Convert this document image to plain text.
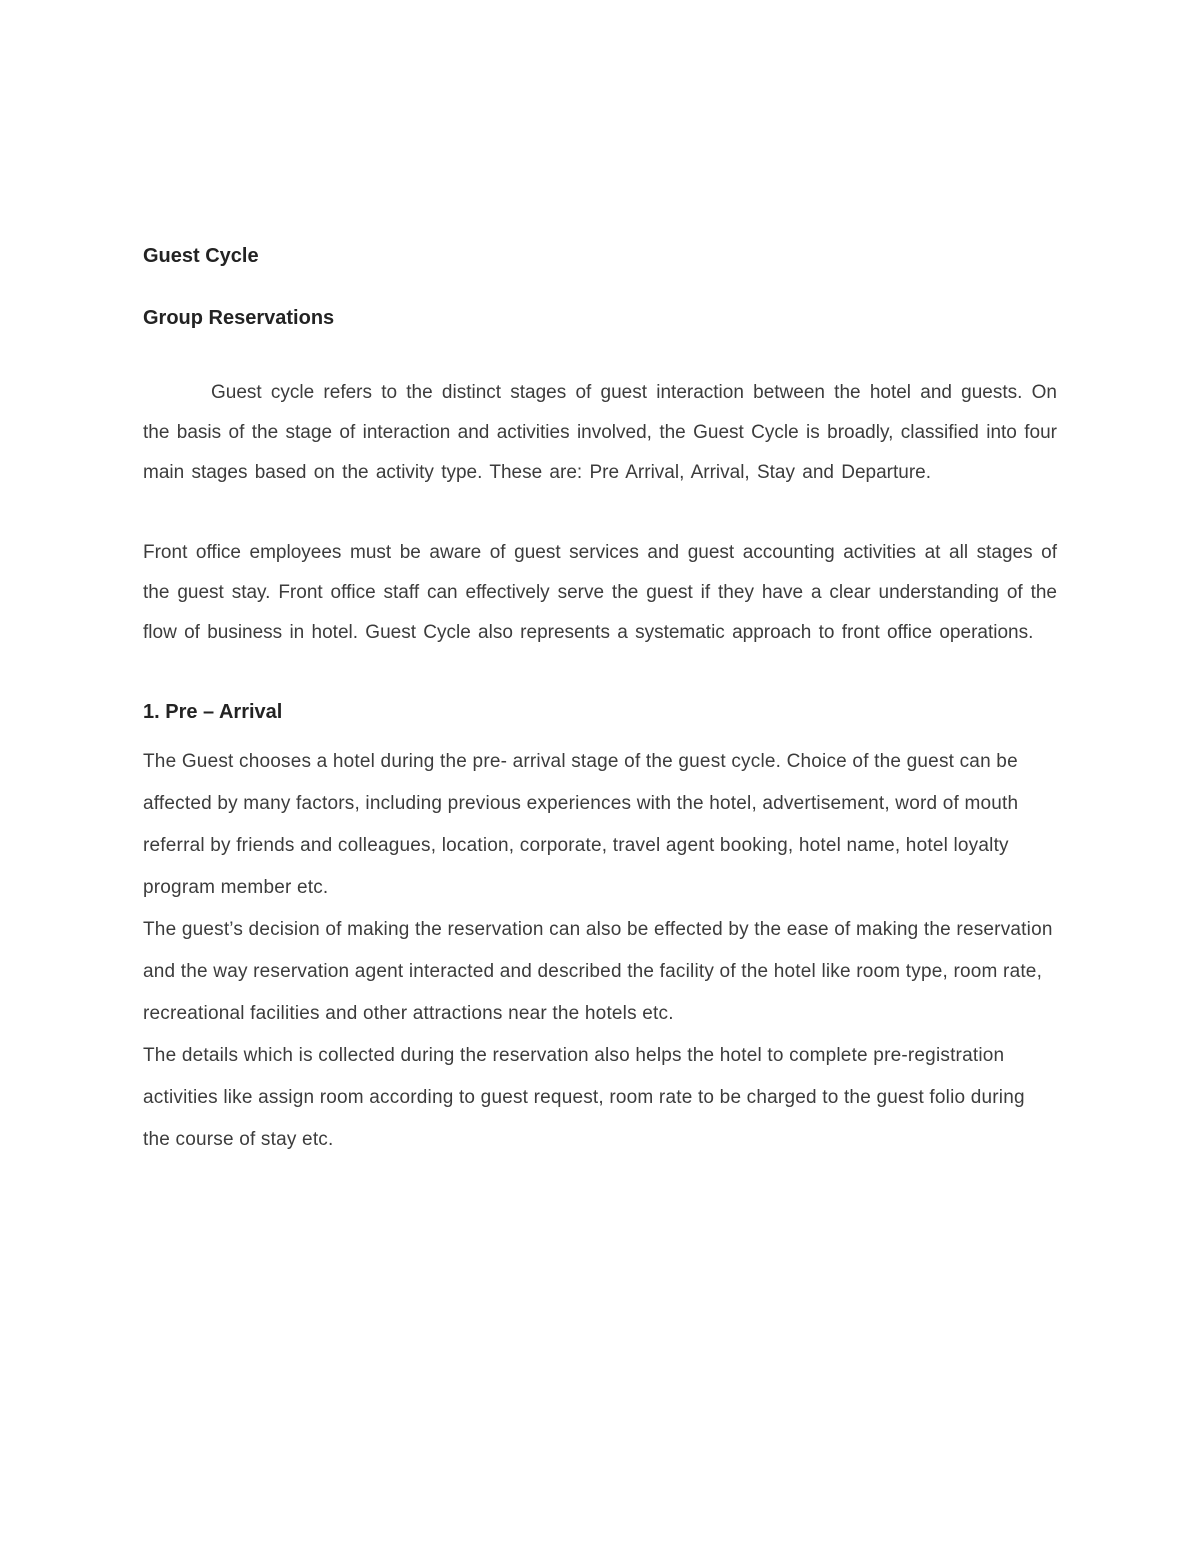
Guest Cycle
Group Reservations

Guest cycle refers to the distinct stages of guest interaction between the hotel and guests. On the basis of the stage of interaction and activities involved, the Guest Cycle is broadly, classified into four main stages based on the activity type. These are: Pre Arrival, Arrival, Stay and Departure.

Front office employees must be aware of guest services and guest accounting activities at all stages of the guest stay. Front office staff can effectively serve the guest if they have a clear understanding of the flow of business in hotel. Guest Cycle also represents a systematic approach to front office operations.

1. Pre – Arrival

The Guest chooses a hotel during the pre- arrival stage of the guest cycle. Choice of the guest can be affected by many factors, including previous experiences with the hotel, advertisement, word of mouth referral by friends and colleagues, location, corporate, travel agent booking, hotel name, hotel loyalty program member etc.

The guest’s decision of making the reservation can also be effected by the ease of making the reservation and the way reservation agent interacted and described the facility of the hotel like room type, room rate, recreational facilities and other attractions near the hotels etc.

The details which is collected during the reservation also helps the hotel to complete pre-registration activities like assign room according to guest request, room rate to be charged to the guest folio during the course of stay etc.
